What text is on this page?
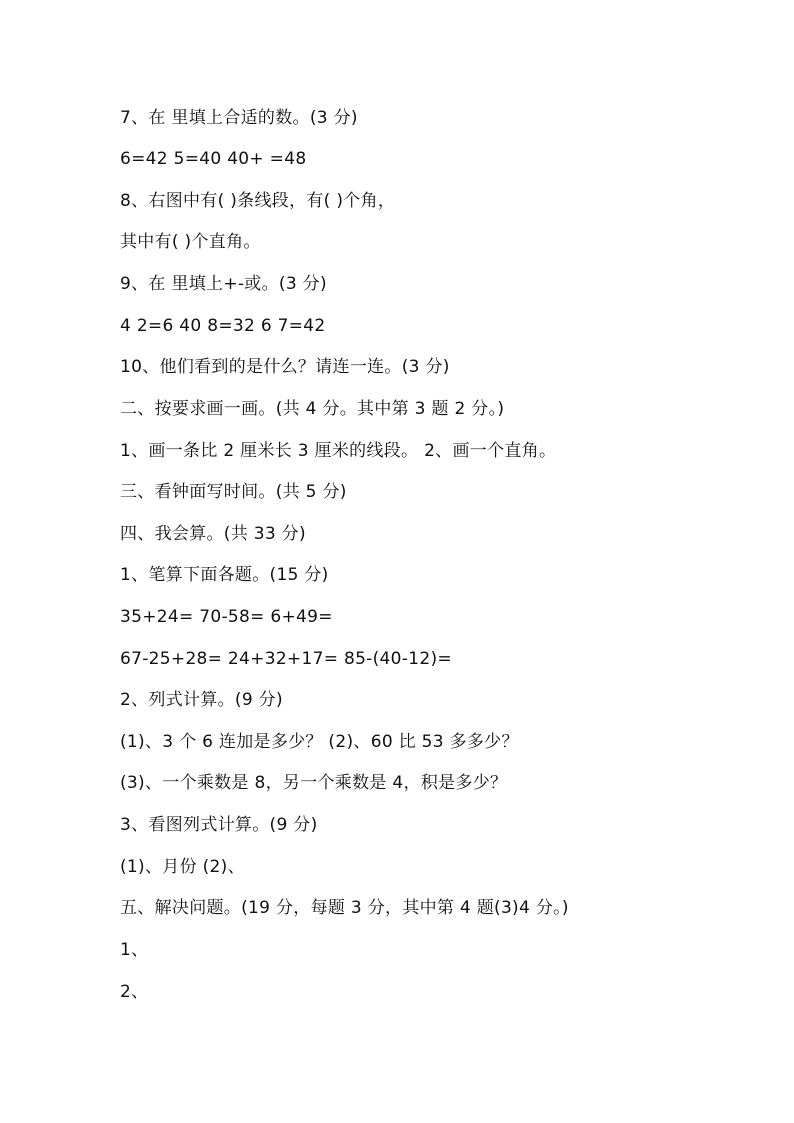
7、在 里填上合适的数。(3 分)

6=42 5=40 40+ =48

8、右图中有( )条线段，有( )个角，

其中有( )个直角。

9、在 里填上+-或。(3 分)

4 2=6 40 8=32 6 7=42

10、他们看到的是什么？请连一连。(3 分)

二、按要求画一画。(共 4 分。其中第 3 题 2 分。)

1、画一条比 2 厘米长 3 厘米的线段。 2、画一个直角。

三、看钟面写时间。(共 5 分)

四、我会算。(共 33 分)

1、笔算下面各题。(15 分)

35+24= 70-58= 6+49=

67-25+28= 24+32+17= 85-(40-12)=

2、列式计算。(9 分)

(1)、3 个 6 连加是多少？ (2)、60 比 53 多多少？

(3)、一个乘数是 8，另一个乘数是 4，积是多少？

3、看图列式计算。(9 分)

(1)、月份 (2)、

五、解决问题。(19 分，每题 3 分，其中第 4 题(3)4 分。)

1、

2、
